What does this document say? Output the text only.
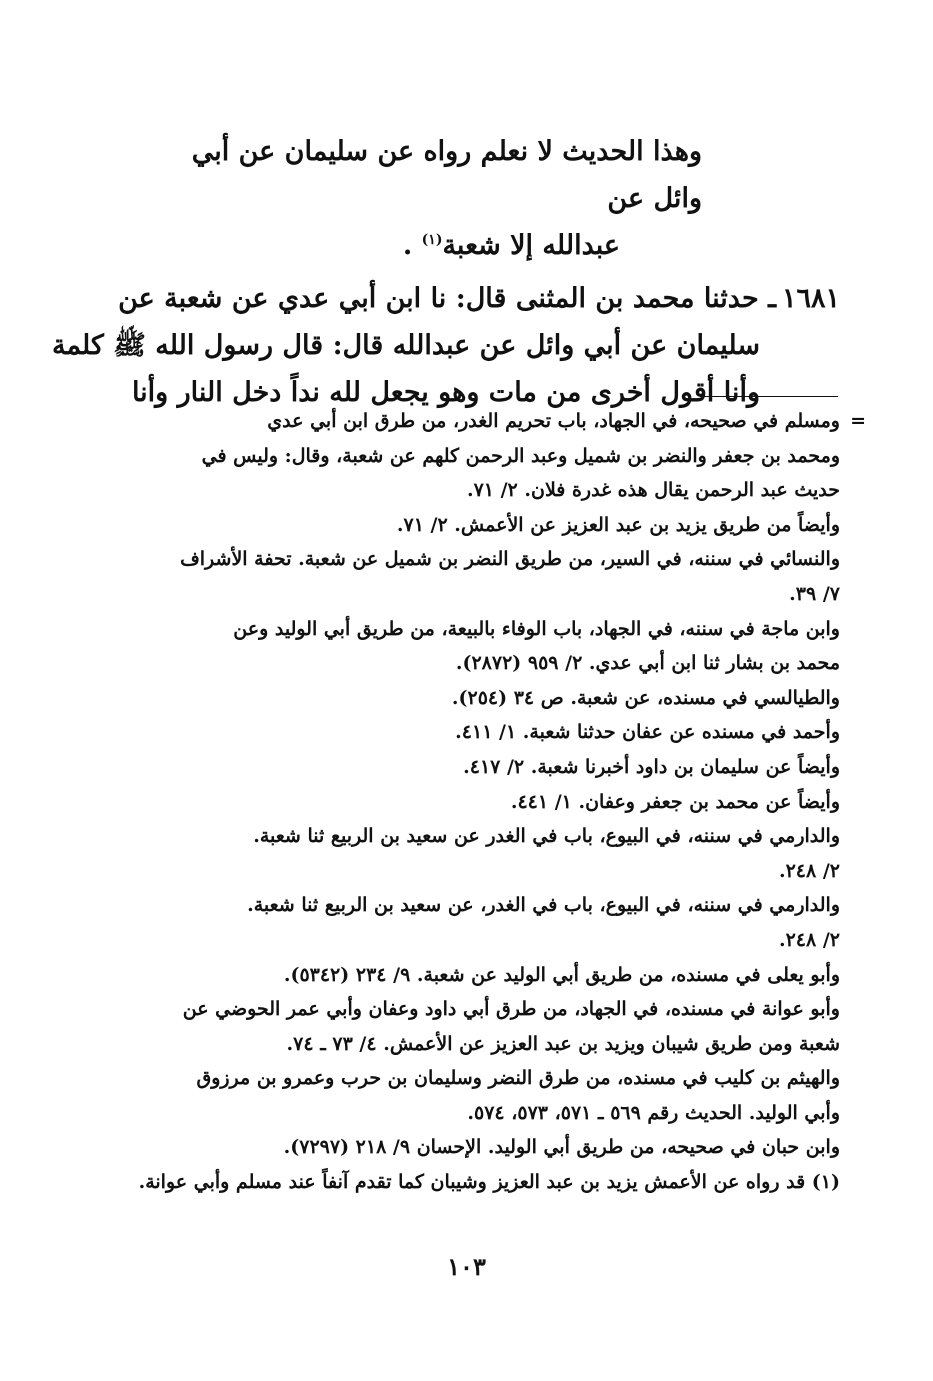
وهذا الحديث لا نعلم رواه عن سليمان عن أبي وائل عن
عبدالله إلا شعبة$^{(١)}$ .

١٦٨١ـ حدثنا محمد بن المثنى قال: نا ابن أبي عدي عن شعبة عن
سليمان عن أبي وائل عن عبدالله قال: قال رسول الله ﷺ كلمة
وأنا أقول أخرى من مات وهو يجعل لله نداً دخل النار وأنا

=
ومسلم في صحيحه، في الجهاد، باب تحريم الغدر، من طرق ابن أبي عدي
ومحمد بن جعفر والنضر بن شميل وعبد الرحمن كلهم عن شعبة، وقال: وليس في
حديث عبد الرحمن يقال هذه غدرة فلان. ٢/ ٧١.
وأيضاً من طريق يزيد بن عبد العزيز عن الأعمش. ٢/ ٧١.
والنسائي في سننه، في السير، من طريق النضر بن شميل عن شعبة. تحفة الأشراف
٧/ ٣٩.
وابن ماجة في سننه، في الجهاد، باب الوفاء بالبيعة، من طريق أبي الوليد وعن
محمد بن بشار ثنا ابن أبي عدي. ٢/ ٩٥٩ (٢٨٧٢).
والطيالسي في مسنده، عن شعبة. ص ٣٤ (٢٥٤).
وأحمد في مسنده عن عفان حدثنا شعبة. ١/ ٤١١.
وأيضاً عن سليمان بن داود أخبرنا شعبة. ٢/ ٤١٧.
وأيضاً عن محمد بن جعفر وعفان. ١/ ٤٤١.
والدارمي في سننه، في البيوع، باب في الغدر عن سعيد بن الربيع ثنا شعبة.
٢/ ٢٤٨.
والدارمي في سننه، في البيوع، باب في الغدر، عن سعيد بن الربيع ثنا شعبة.
٢/ ٢٤٨.
وأبو يعلى في مسنده، من طريق أبي الوليد عن شعبة. ٩/ ٢٣٤ (٥٣٤٢).
وأبو عوانة في مسنده، في الجهاد، من طرق أبي داود وعفان وأبي عمر الحوضي عن
شعبة ومن طريق شيبان ويزيد بن عبد العزيز عن الأعمش. ٤/ ٧٣ ـ ٧٤.
والهيثم بن كليب في مسنده، من طرق النضر وسليمان بن حرب وعمرو بن مرزوق
وأبي الوليد. الحديث رقم ٥٦٩ ـ ٥٧١، ٥٧٣، ٥٧٤.
وابن حبان في صحيحه، من طريق أبي الوليد. الإحسان ٩/ ٢١٨ (٧٢٩٧).
(١) قد رواه عن الأعمش يزيد بن عبد العزيز وشيبان كما تقدم آنفاً عند مسلم وأبي عوانة.
١٠٣
